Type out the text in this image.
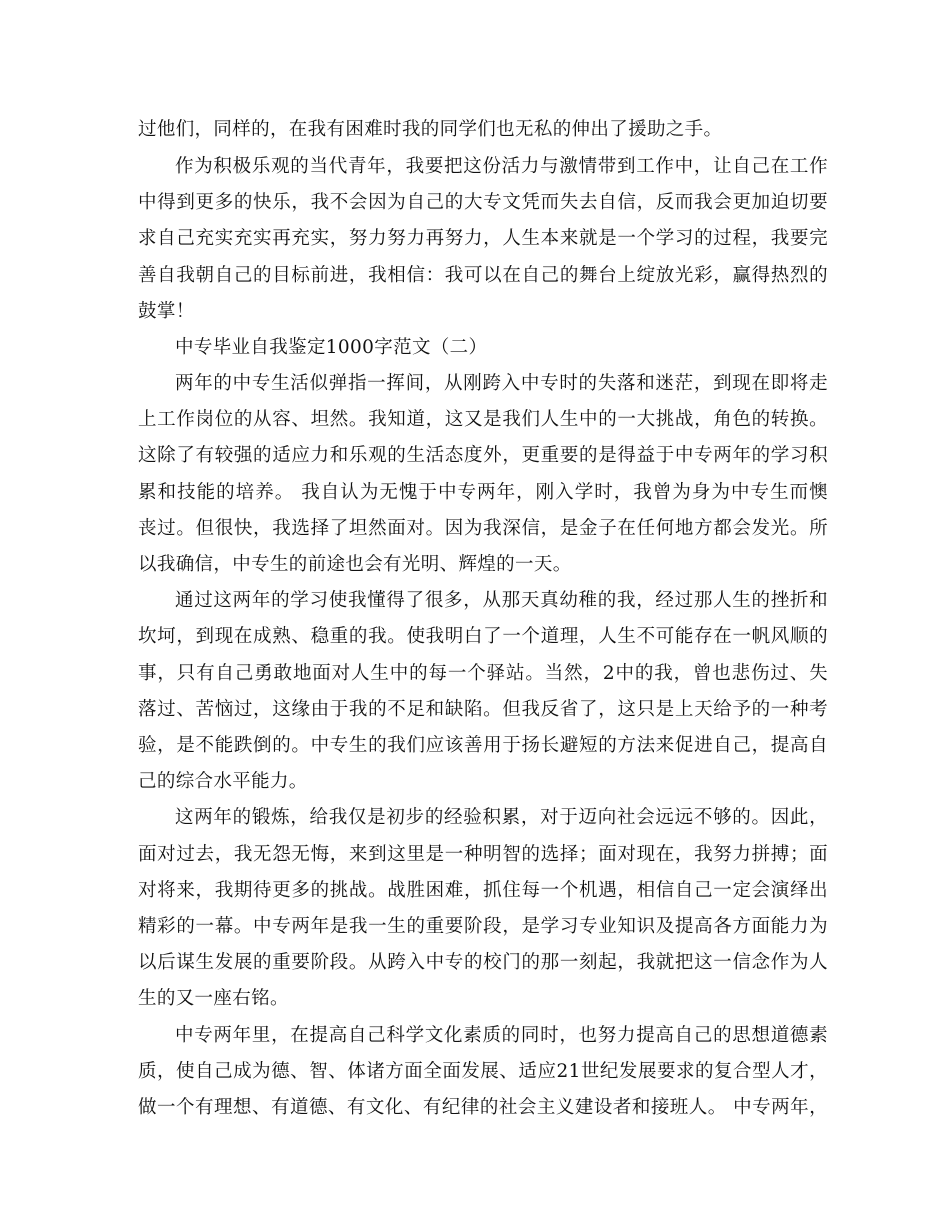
过他们，同样的，在我有困难时我的同学们也无私的伸出了援助之手。
作为积极乐观的当代青年，我要把这份活力与激情带到工作中，让自己在工作
中得到更多的快乐，我不会因为自己的大专文凭而失去自信，反而我会更加迫切要
求自己充实充实再充实，努力努力再努力，人生本来就是一个学习的过程，我要完
善自我朝自己的目标前进，我相信：我可以在自己的舞台上绽放光彩，赢得热烈的
鼓掌！
中专毕业自我鉴定1000字范文（二）
两年的中专生活似弹指一挥间，从刚跨入中专时的失落和迷茫，到现在即将走
上工作岗位的从容、坦然。我知道，这又是我们人生中的一大挑战，角色的转换。
这除了有较强的适应力和乐观的生活态度外，更重要的是得益于中专两年的学习积
累和技能的培养。 我自认为无愧于中专两年，刚入学时，我曾为身为中专生而懊
丧过。但很快，我选择了坦然面对。因为我深信，是金子在任何地方都会发光。所
以我确信，中专生的前途也会有光明、辉煌的一天。
通过这两年的学习使我懂得了很多，从那天真幼稚的我，经过那人生的挫折和
坎坷，到现在成熟、稳重的我。使我明白了一个道理，人生不可能存在一帆风顺的
事，只有自己勇敢地面对人生中的每一个驿站。当然，2中的我，曾也悲伤过、失
落过、苦恼过，这缘由于我的不足和缺陷。但我反省了，这只是上天给予的一种考
验，是不能跌倒的。中专生的我们应该善用于扬长避短的方法来促进自己，提高自
己的综合水平能力。
这两年的锻炼，给我仅是初步的经验积累，对于迈向社会远远不够的。因此，
面对过去，我无怨无悔，来到这里是一种明智的选择；面对现在，我努力拼搏；面
对将来，我期待更多的挑战。战胜困难，抓住每一个机遇，相信自己一定会演绎出
精彩的一幕。中专两年是我一生的重要阶段，是学习专业知识及提高各方面能力为
以后谋生发展的重要阶段。从跨入中专的校门的那一刻起，我就把这一信念作为人
生的又一座右铭。
中专两年里，在提高自己科学文化素质的同时，也努力提高自己的思想道德素
质，使自己成为德、智、体诸方面全面发展、适应21世纪发展要求的复合型人才，
做一个有理想、有道德、有文化、有纪律的社会主义建设者和接班人。 中专两年，
